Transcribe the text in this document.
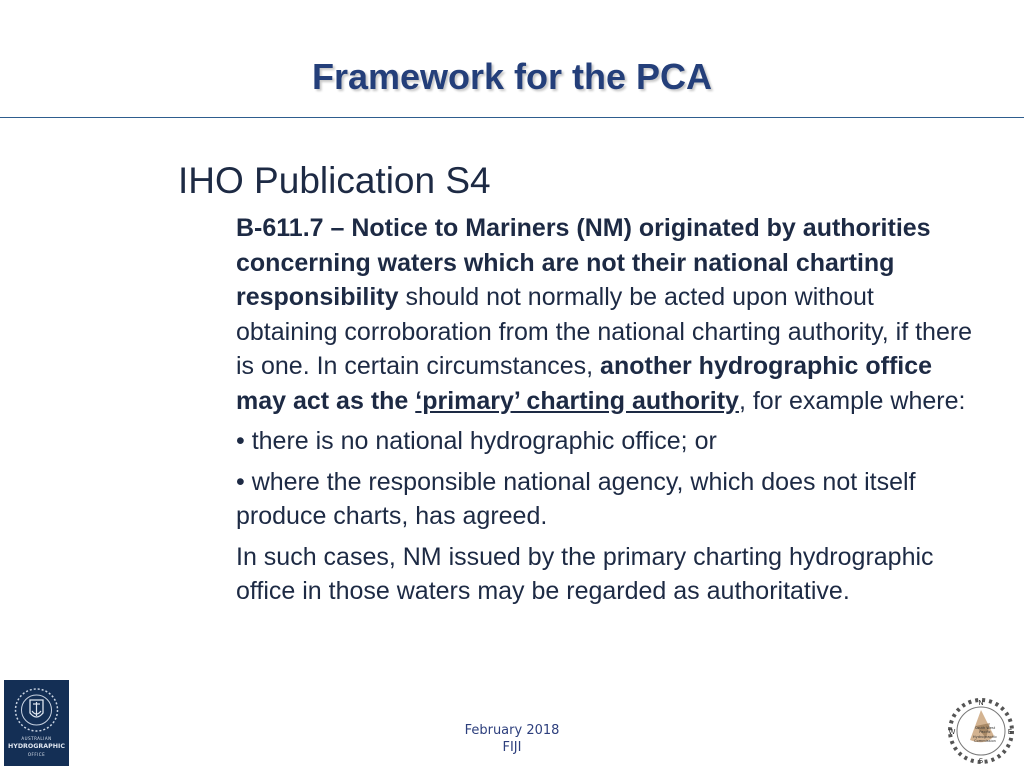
Framework for the PCA
IHO Publication S4

B-611.7 – Notice to Mariners (NM) originated by authorities concerning waters which are not their national charting responsibility should not normally be acted upon without obtaining corroboration from the national charting authority, if there is one. In certain circumstances, another hydrographic office may act as the ‘primary’ charting authority, for example where:

• there is no national hydrographic office; or

• where the responsible national agency, which does not itself produce charts, has agreed.

In such cases, NM issued by the primary charting hydrographic office in those waters may be regarded as authoritative.

February 2018
FIJI
AUSTRALIAN
HYDROGRAPHIC
OFFICE
N
E
S
W	South West Pacific Hydrographic Commission
